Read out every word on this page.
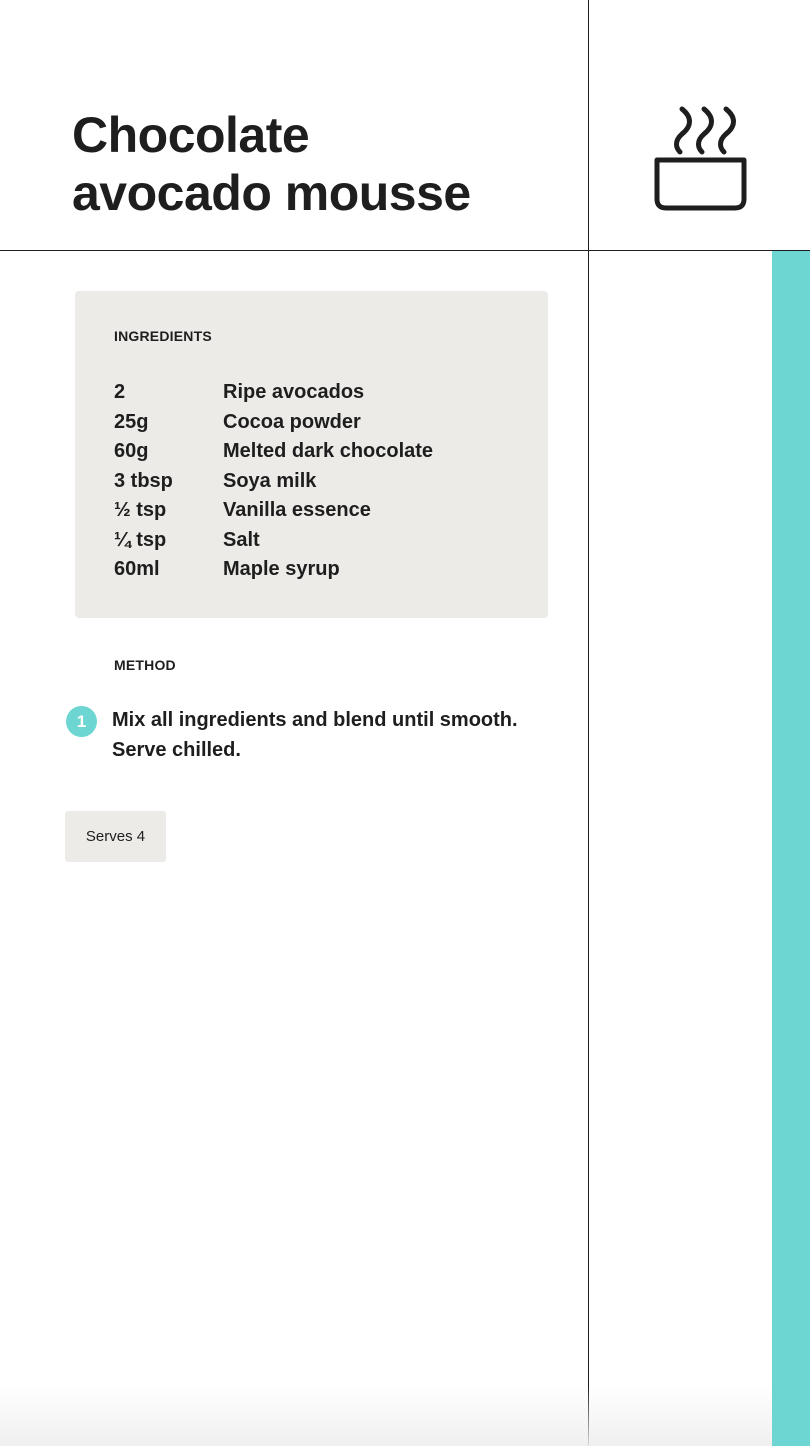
Chocolate
avocado mousse
INGREDIENTS
2	Ripe avocados
25g	Cocoa powder
60g	Melted dark chocolate
3 tbsp	Soya milk
½ tsp	Vanilla essence
¼ tsp	Salt
60ml	Maple syrup
METHOD
1	Mix all ingredients and blend until smooth. Serve chilled.

Serves 4
